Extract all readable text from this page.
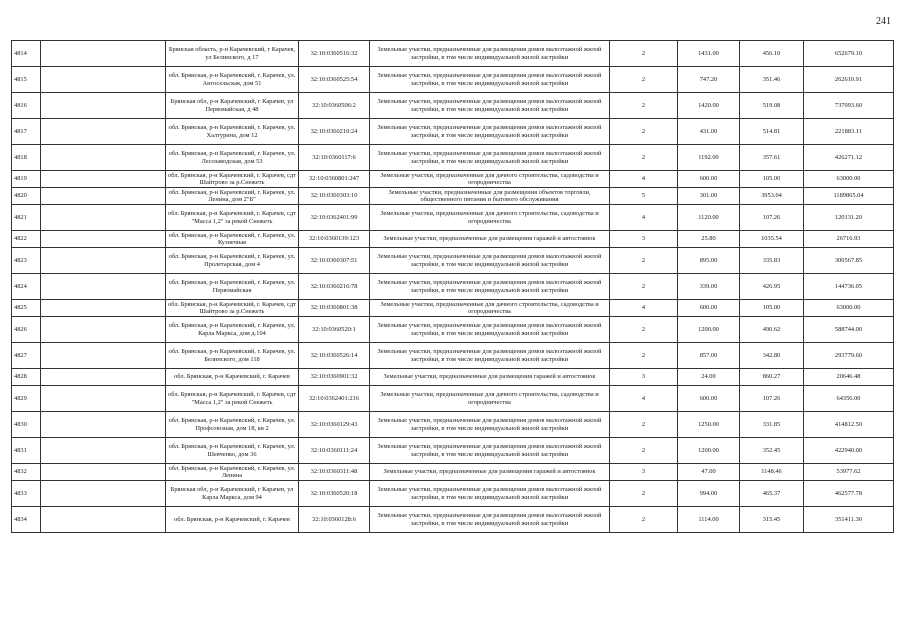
241
4814		Брянская область, р-н Карачевский, г Карачев, ул Белинского, д 17	32:10:0360516:32	Земельные участки, предназначенные для размещения домов малоэтажной жилой застройки, в том числе индивидуальной жилой застройки	2	1431.00	456.10	652679.10
4815		обл. Брянская, р-н Карачевский, г. Карачев, ул. Ангосельская, дом 51	32:10:0360525:54	Земельные участки, предназначенные для размещения домов малоэтажной жилой застройки, в том числе индивидуальной жилой застройки	2	747.20	351.46	262610.91
4816		Брянская обл, р-н Карачевский, г Карачев, ул Первомайская, д 48	32:10:0360506:2	Земельные участки, предназначенные для размещения домов малоэтажной жилой застройки, в том числе индивидуальной жилой застройки	2	1420.00	519.08	737093.60
4817		обл. Брянская, р-н Карачевский, г. Карачев, ул. Халтурина, дом 12	32:10:0360210:24	Земельные участки, предназначенные для размещения домов малоэтажной жилой застройки, в том числе индивидуальной жилой застройки	2	431.00	514.81	221883.11
4818		обл. Брянская, р-н Карачевский, г. Карачев, ул. Лесозаводская, дом 53	32:10:0360117:6	Земельные участки, предназначенные для размещения домов малоэтажной жилой застройки, в том числе индивидуальной жилой застройки	2	1192.00	357.61	426271.12
4819		обл. Брянская, р-н Карачевский, г. Карачев, сдт Шайтрово за р.Снежеть	32:10:0360801:247	Земельные участки, предназначенные для дачного строительства, садоводства и огородничества	4	600.00	105.00	63000.00
4820		обл. Брянская, р-н Карачевский, г. Карачев, ул. Ленина, дом 2"Б"	32:10:0360303:10	Земельные участки, предназначенные для размещения объектов торговли, общественного питания и бытового обслуживания	5	301.00	3953.04	1189865.04
4821		обл. Брянская, р-н Карачевский, г. Карачев, сдт "Масса 1,2" за рекой Снежеть	32:10:0362401:99	Земельные участки, предназначенные для дачного строительства, садоводства и огородничества	4	1120.00	107.26	120131.20
4822		обл. Брянская, р-н Карачевский, г. Карачев, ул. Кузнечная	32:10:0360139:123	Земельные участки, предназначенные для размещения гаражей и автостоянок	3	25.80	1035.54	26716.93
4823		обл. Брянская, р-н Карачевский, г. Карачев, ул. Пролетарская, дом 4	32:10:0360307:51	Земельные участки, предназначенные для размещения домов малоэтажной жилой застройки, в том числе индивидуальной жилой застройки	2	895.00	335.83	300567.85
4824		обл. Брянская, р-н Карачевский, г. Карачев, ул. Первомайская	32:10:0360216:78	Земельные участки, предназначенные для размещения домов малоэтажной жилой застройки, в том числе индивидуальной жилой застройки	2	339.00	426.95	144736.05
4825		обл. Брянская, р-н Карачевский, г. Карачев, сдт Шайтрово за р.Снежеть	32:10:0360801:38	Земельные участки, предназначенные для дачного строительства, садоводства и огородничества	4	600.00	105.00	63000.00
4826		обл. Брянская, р-н Карачевский, г. Карачев, ул. Карла Маркса, дом д.104	32:10:0360520:1	Земельные участки, предназначенные для размещения домов малоэтажной жилой застройки, в том числе индивидуальной жилой застройки	2	1200.00	490.62	588744.00
4827		обл. Брянская, р-н Карачевский, г. Карачев, ул. Белинского, дом 118	32:10:0360526:14	Земельные участки, предназначенные для размещения домов малоэтажной жилой застройки, в том числе индивидуальной жилой застройки	2	857.00	342.80	293779.60
4828		обл. Брянская, р-н Карачевский, г. Карачев	32:10:0360901:32	Земельные участки, предназначенные для размещения гаражей и автостоянок	3	24.00	860.27	20646.48
4829		обл. Брянская, р-н Карачевский, г. Карачев, сдт "Масса 1,2" за рекой Снежеть	32:10:0362401:216	Земельные участки, предназначенные для дачного строительства, садоводства и огородничества	4	600.00	107.26	64356.00
4830		обл. Брянская, р-н Карачевский, г. Карачев, ул. Профсоюзная, дом 18, кв 2	32:10:0360129:43	Земельные участки, предназначенные для размещения домов малоэтажной жилой застройки, в том числе индивидуальной жилой застройки	2	1250.00	331.85	414812.50
4831		обл. Брянская, р-н Карачевский, г. Карачев, ул. Шевченко, дом 36	32:10:0360111:24	Земельные участки, предназначенные для размещения домов малоэтажной жилой застройки, в том числе индивидуальной жилой застройки	2	1200.00	352.45	422940.00
4832		обл. Брянская, р-н Карачевский, г. Карачев, ул. Ленина	32:10:0360311:48	Земельные участки, предназначенные для размещения гаражей и автостоянок	3	47.00	1148.46	53977.62
4833		Брянская обл, р-н Карачевский, г Карачев, ул Карла Маркса, дом 94	32:10:0360520:18	Земельные участки, предназначенные для размещения домов малоэтажной жилой застройки, в том числе индивидуальной жилой застройки	2	994.00	465.37	462577.78
4834		обл. Брянская, р-н Карачевский, г. Карачев	32:10:0360128:6	Земельные участки, предназначенные для размещения домов малоэтажной жилой застройки, в том числе индивидуальной жилой застройки	2	1114.00	315.45	351411.30
